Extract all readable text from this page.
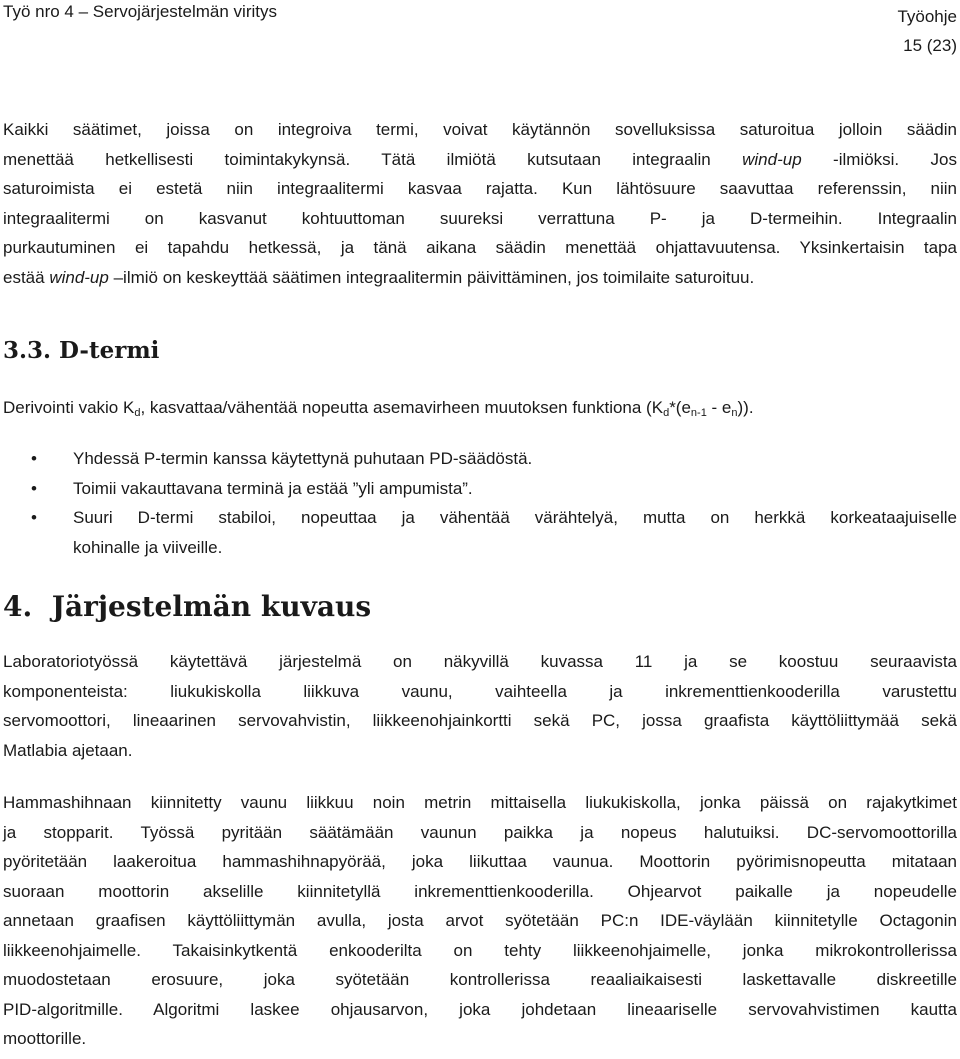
Työ nro 4 – Servojärjestelmän viritys	Työohje
15 (23)
Kaikki säätimet, joissa on integroiva termi, voivat käytännön sovelluksissa saturoitua jolloin säädin
menettää hetkellisesti toimintakykynsä. Tätä ilmiötä kutsutaan integraalin wind-up -ilmiöksi. Jos
saturoimista ei estetä niin integraalitermi kasvaa rajatta. Kun lähtösuure saavuttaa referenssin, niin
integraalitermi on kasvanut kohtuuttoman suureksi verrattuna P- ja D-termeihin. Integraalin
purkautuminen ei tapahdu hetkessä, ja tänä aikana säädin menettää ohjattavuutensa. Yksinkertaisin tapa
estää wind-up –ilmiö on keskeyttää säätimen integraalitermin päivittäminen, jos toimilaite saturoituu.
3.3. D-termi
Derivointi vakio $K_d$, kasvattaa/vähentää nopeutta asemavirheen muutoksen funktiona $(K_d*(e_{n-1} - e_n))$.
• Yhdessä P-termin kanssa käytettynä puhutaan PD-säädöstä.
• Toimii vakauttavana terminä ja estää ”yli ampumista”.
• Suuri D-termi stabiloi, nopeuttaa ja vähentää värähtelyä, mutta on herkkä korkeataajuiselle
kohinalle ja viiveille.
4. Järjestelmän kuvaus
Laboratoriotyössä käytettävä järjestelmä on näkyvillä kuvassa 11 ja se koostuu seuraavista
komponenteista: liukukiskolla liikkuva vaunu, vaihteella ja inkrementtienkooderilla varustettu
servomoottori, lineaarinen servovahvistin, liikkeenohjainkortti sekä PC, jossa graafista käyttöliittymää sekä
Matlabia ajetaan.
Hammashihnaan kiinnitetty vaunu liikkuu noin metrin mittaisella liukukiskolla, jonka päissä on rajakytkimet
ja stopparit. Työssä pyritään säätämään vaunun paikka ja nopeus halutuiksi. DC-servomoottorilla
pyöritetään laakeroitua hammashihnapyörää, joka liikuttaa vaunua. Moottorin pyörimisnopeutta mitataan
suoraan moottorin akselille kiinnitetyllä inkrementtienkooderilla. Ohjearvot paikalle ja nopeudelle
annetaan graafisen käyttöliittymän avulla, josta arvot syötetään PC:n IDE-väylään kiinnitetylle Octagonin
liikkeenohjaimelle. Takaisinkytkentä enkooderilta on tehty liikkeenohjaimelle, jonka mikrokontrollerissa
muodostetaan erosuure, joka syötetään kontrollerissa reaaliaikaisesti laskettavalle diskreetille
PID-algoritmille. Algoritmi laskee ohjausarvon, joka johdetaan lineaariselle servovahvistimen kautta
moottorille.
